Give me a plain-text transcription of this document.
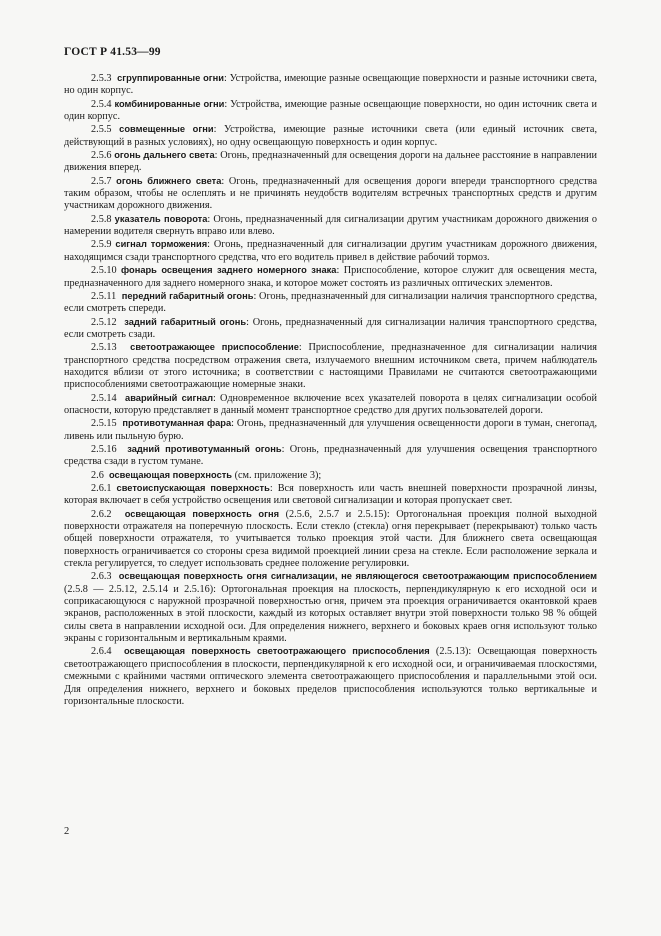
ГОСТ Р 41.53—99

2.5.3 сгруппированные огни: Устройства, имеющие разные освещающие поверхности и разные источники света, но один корпус.

2.5.4 комбинированные огни: Устройства, имеющие разные освещающие поверхности, но один источник света и один корпус.

2.5.5 совмещенные огни: Устройства, имеющие разные источники света (или единый источник света, действующий в разных условиях), но одну освещающую поверхность и один корпус.

2.5.6 огонь дальнего света: Огонь, предназначенный для освещения дороги на дальнее расстояние в направлении движения вперед.

2.5.7 огонь ближнего света: Огонь, предназначенный для освещения дороги впереди транспортного средства таким образом, чтобы не ослеплять и не причинять неудобств водителям встречных транспортных средств и другим участникам дорожного движения.

2.5.8 указатель поворота: Огонь, предназначенный для сигнализации другим участникам дорожного движения о намерении водителя свернуть вправо или влево.

2.5.9 сигнал торможения: Огонь, предназначенный для сигнализации другим участникам дорожного движения, находящимся сзади транспортного средства, что его водитель привел в действие рабочий тормоз.

2.5.10 фонарь освещения заднего номерного знака: Приспособление, которое служит для освещения места, предназначенного для заднего номерного знака, и которое может состоять из различных оптических элементов.

2.5.11 передний габаритный огонь: Огонь, предназначенный для сигнализации наличия транспортного средства, если смотреть спереди.

2.5.12 задний габаритный огонь: Огонь, предназначенный для сигнализации наличия транспортного средства, если смотреть сзади.

2.5.13 светоотражающее приспособление: Приспособление, предназначенное для сигнализации наличия транспортного средства посредством отражения света, излучаемого внешним источником света, причем наблюдатель находится вблизи от этого источника; в соответствии с настоящими Правилами не считаются светоотражающими приспособлениями светоотражающие номерные знаки.

2.5.14 аварийный сигнал: Одновременное включение всех указателей поворота в целях сигнализации особой опасности, которую представляет в данный момент транспортное средство для других пользователей дороги.

2.5.15 противотуманная фара: Огонь, предназначенный для улучшения освещенности дороги в туман, снегопад, ливень или пыльную бурю.

2.5.16 задний противотуманный огонь: Огонь, предназначенный для улучшения освещения транспортного средства сзади в густом тумане.

2.6 освещающая поверхность (см. приложение 3);

2.6.1 светоиспускающая поверхность: Вся поверхность или часть внешней поверхности прозрачной линзы, которая включает в себя устройство освещения или световой сигнализации и которая пропускает свет.

2.6.2 освещающая поверхность огня (2.5.6, 2.5.7 и 2.5.15): Ортогональная проекция полной выходной поверхности отражателя на поперечную плоскость. Если стекло (стекла) огня перекрывает (перекрывают) только часть общей поверхности отражателя, то учитывается только проекция этой части. Для ближнего света освещающая поверхность ограничивается со стороны среза видимой проекцией линии среза на стекле. Если расположение зеркала и стекла регулируется, то следует использовать среднее положение регулировки.

2.6.3 освещающая поверхность огня сигнализации, не являющегося светоотражающим приспособлением (2.5.8 — 2.5.12, 2.5.14 и 2.5.16): Ортогональная проекция на плоскость, перпендикулярную к его исходной оси и соприкасающуюся с наружной прозрачной поверхностью огня, причем эта проекция ограничивается окантовкой краев экранов, расположенных в этой плоскости, каждый из которых оставляет внутри этой поверхности только 98 % общей силы света в направлении исходной оси. Для определения нижнего, верхнего и боковых краев огня используют только экраны с горизонтальным и вертикальным краями.

2.6.4 освещающая поверхность светоотражающего приспособления (2.5.13): Освещающая поверхность светоотражающего приспособления в плоскости, перпендикулярной к его исходной оси, и ограничиваемая плоскостями, смежными с крайними частями оптического элемента светоотражающего приспособления и параллельными этой оси. Для определения нижнего, верхнего и боковых пределов приспособления используются только вертикальные и горизонтальные плоскости.

2
